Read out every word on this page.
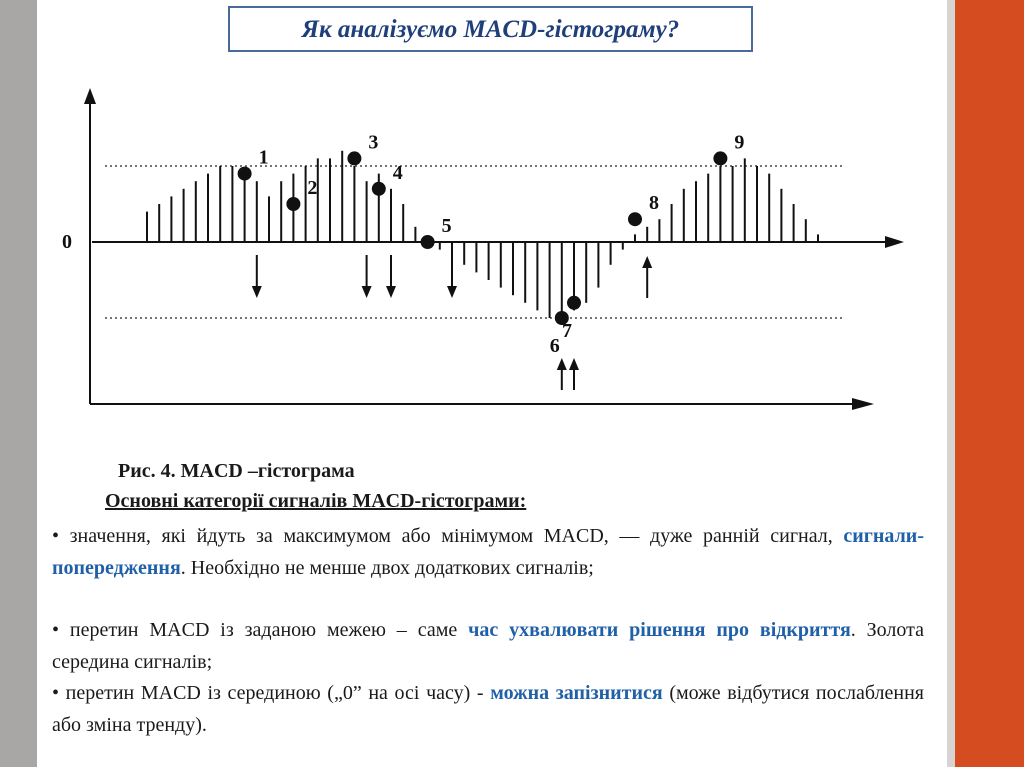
Як аналізуємо MACD-гістограму?
0
1
2
3
4
5
6
7
8
9
Рис. 4. MACD –гістограма
Основні категорії сигналів MACD-гістограми:
• значення, які йдуть за максимумом або мінімумом MACD, — дуже ранній сигнал, сигнали-попередження. Необхідно не менше двох додаткових сигналів;
• перетин MACD із заданою межею – саме час ухвалювати рішення про відкриття. Золота середина сигналів;
• перетин MACD із серединою („0” на осі часу) - можна запізнитися (може відбутися послаблення або зміна тренду).
